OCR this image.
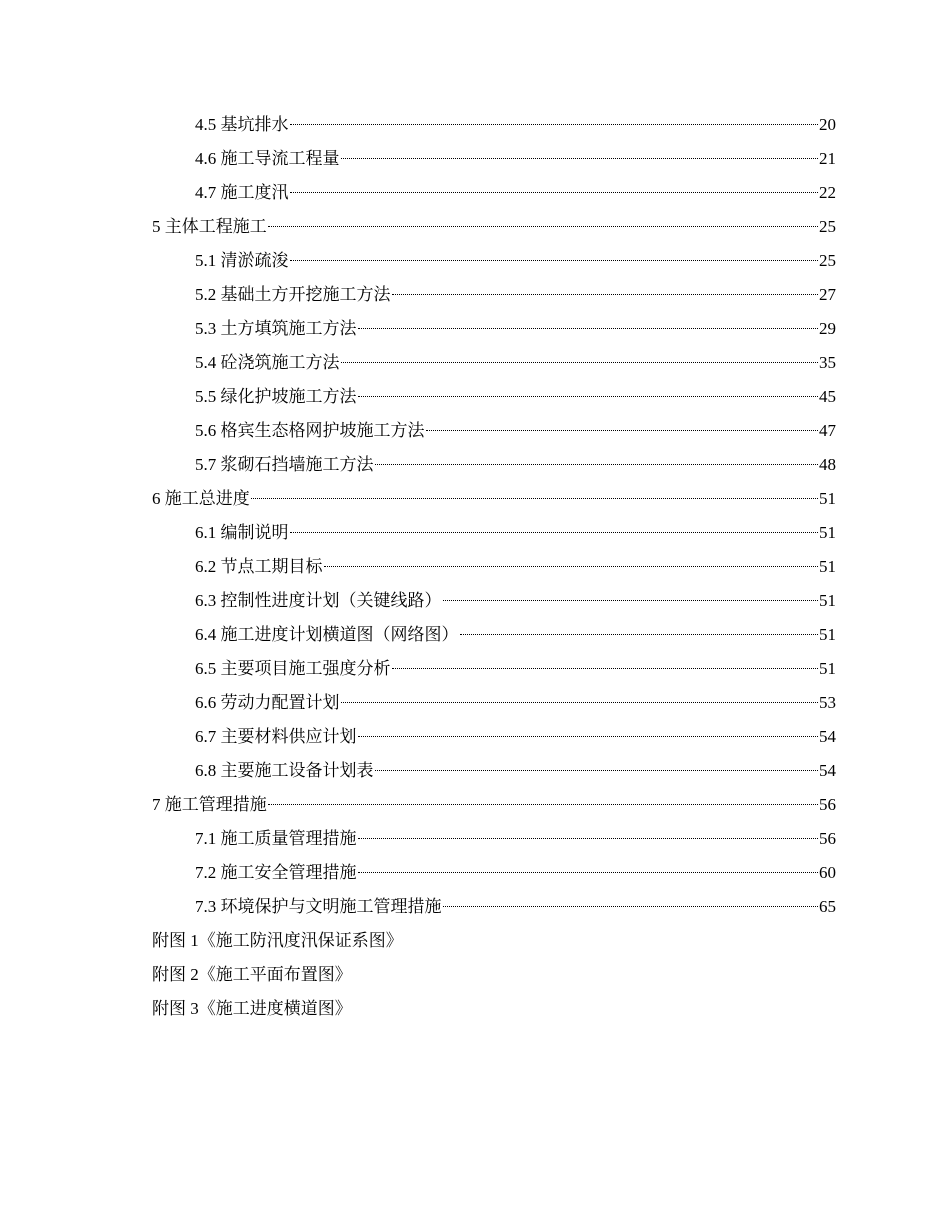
4.5 基坑排水	20
4.6 施工导流工程量	21
4.7 施工度汛	22
5 主体工程施工	25
5.1 清淤疏浚	25
5.2 基础土方开挖施工方法	27
5.3 土方填筑施工方法	29
5.4 砼浇筑施工方法	35
5.5 绿化护坡施工方法	45
5.6 格宾生态格网护坡施工方法	47
5.7 浆砌石挡墙施工方法	48
6 施工总进度	51
6.1 编制说明	51
6.2 节点工期目标	51
6.3 控制性进度计划（关键线路）	51
6.4 施工进度计划横道图（网络图）	51
6.5 主要项目施工强度分析	51
6.6 劳动力配置计划	53
6.7 主要材料供应计划	54
6.8 主要施工设备计划表	54
7 施工管理措施	56
7.1 施工质量管理措施	56
7.2 施工安全管理措施	60
7.3 环境保护与文明施工管理措施	65
附图 1《施工防汛度汛保证系图》
附图 2《施工平面布置图》
附图 3《施工进度横道图》
